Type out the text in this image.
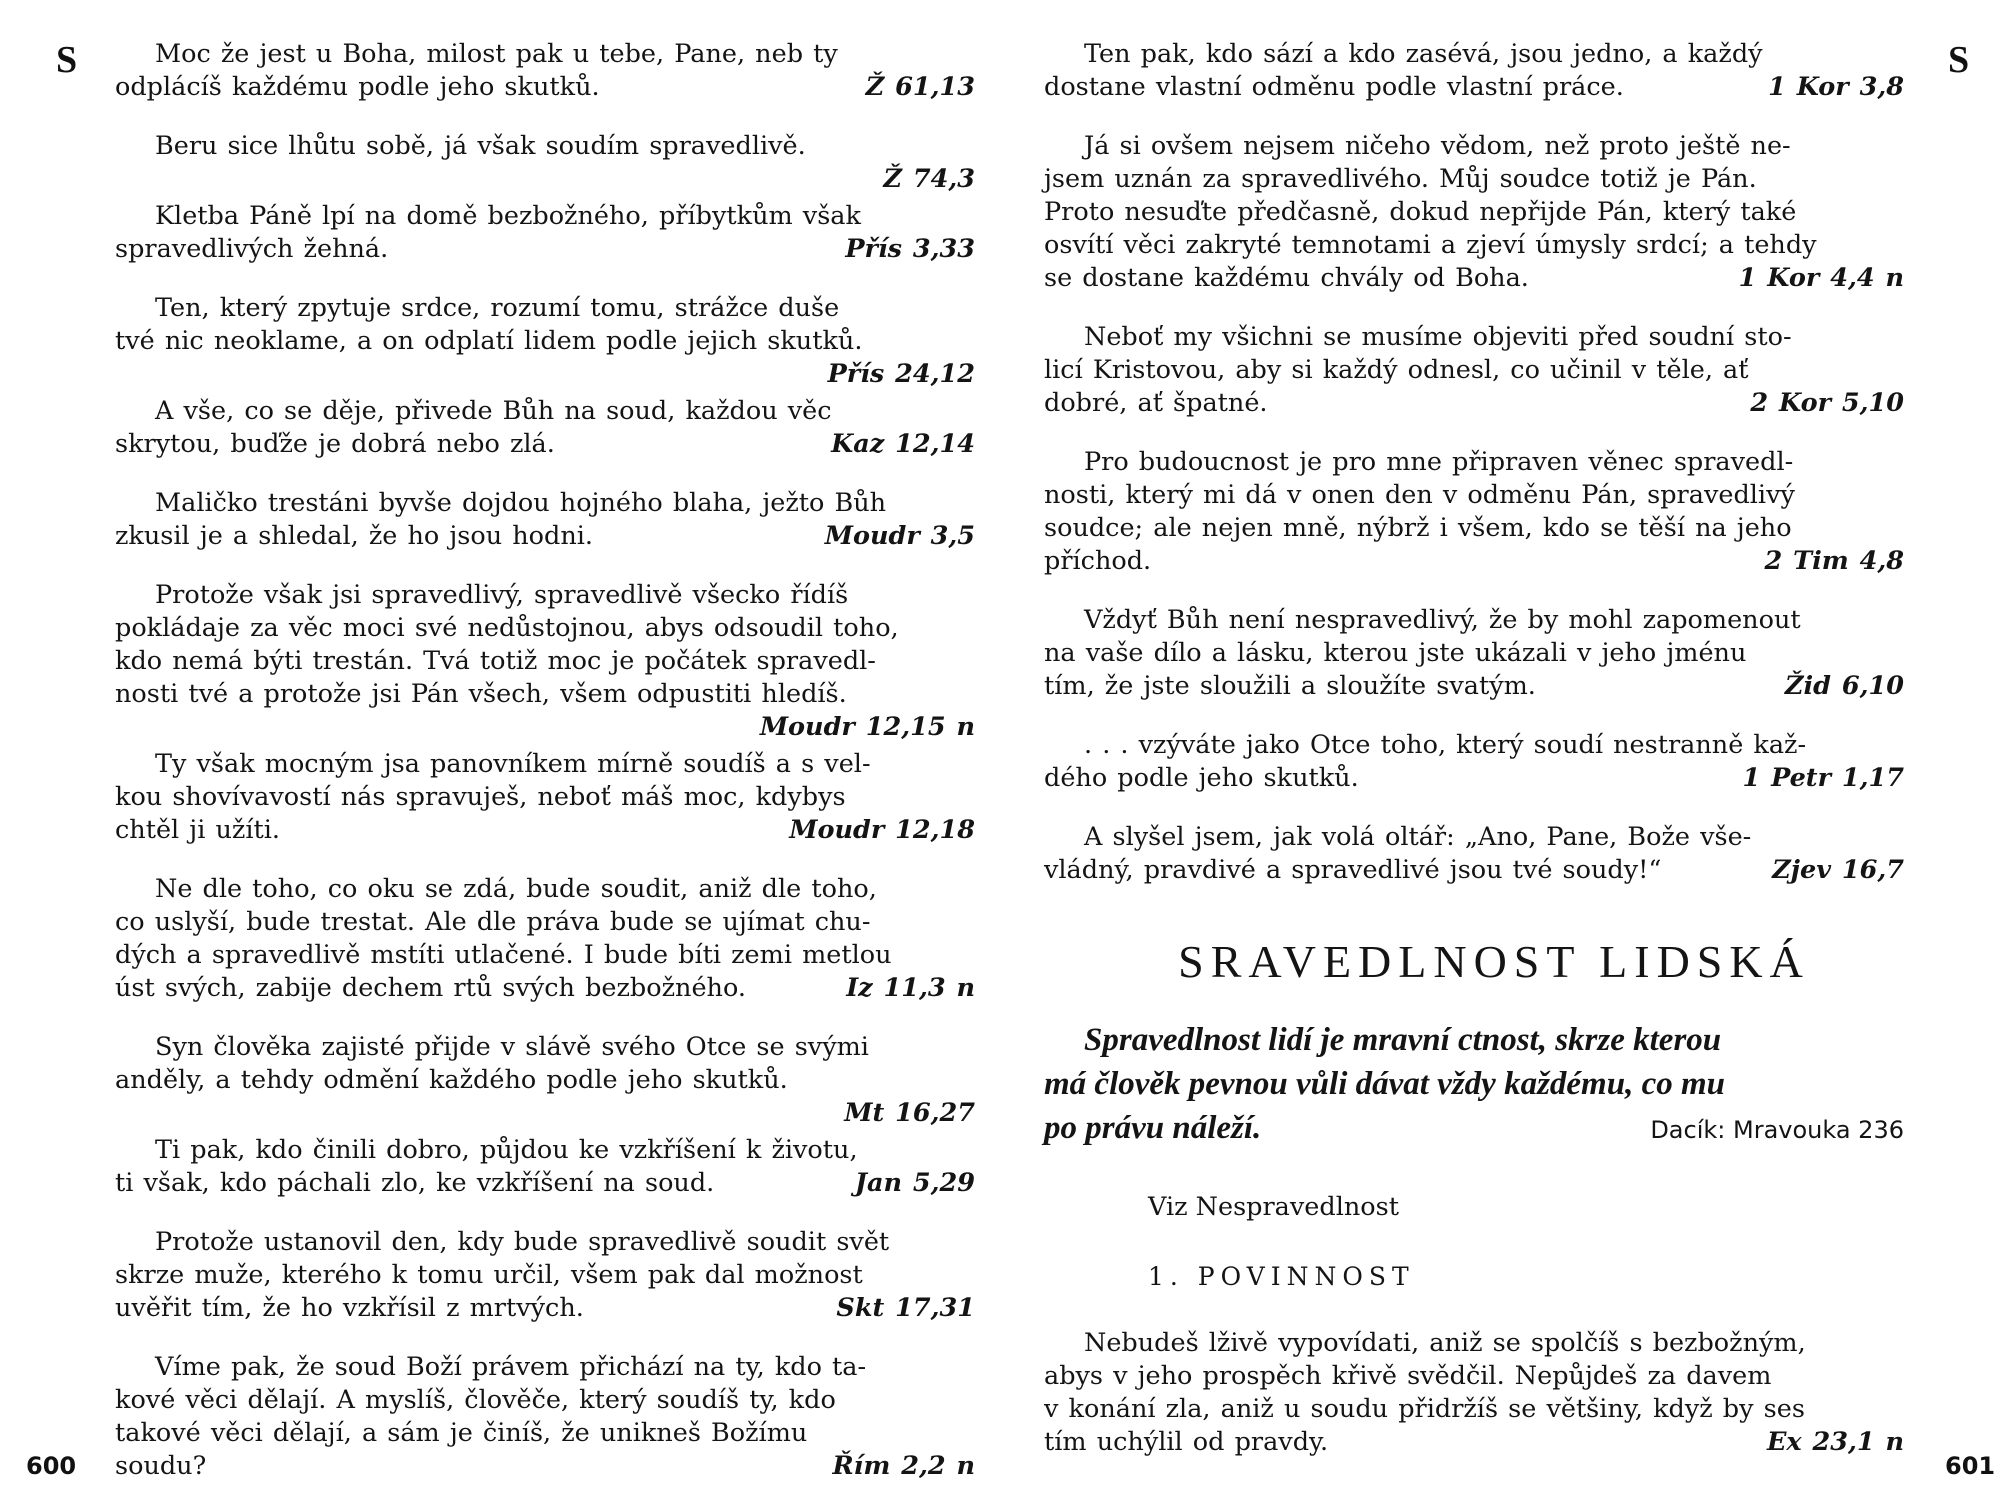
S	S
Moc že jest u Boha, milost pak u tebe, Pane, neb ty
odplácíš každému podle jeho skutků.	Ž 61,13
Beru sice lhůtu sobě, já však soudím spravedlivě.
Ž 74,3
Kletba Páně lpí na domě bezbožného, příbytkům však
spravedlivých žehná.	Přís 3,33
Ten, který zpytuje srdce, rozumí tomu, strážce duše
tvé nic neoklame, a on odplatí lidem podle jejich skutků.
Přís 24,12
A vše, co se děje, přivede Bůh na soud, každou věc
skrytou, buďže je dobrá nebo zlá.	Kaz 12,14
Maličko trestáni byvše dojdou hojného blaha, ježto Bůh
zkusil je a shledal, že ho jsou hodni.	Moudr 3,5
Protože však jsi spravedlivý, spravedlivě všecko řídíš
pokládaje za věc moci své nedůstojnou, abys odsoudil toho,
kdo nemá býti trestán. Tvá totiž moc je počátek spravedl-
nosti tvé a protože jsi Pán všech, všem odpustiti hledíš.
Moudr 12,15 n
Ty však mocným jsa panovníkem mírně soudíš a s vel-
kou shovívavostí nás spravuješ, neboť máš moc, kdybys
chtěl ji užíti.	Moudr 12,18
Ne dle toho, co oku se zdá, bude soudit, aniž dle toho,
co uslyší, bude trestat. Ale dle práva bude se ujímat chu-
dých a spravedlivě mstíti utlačené. I bude bíti zemi metlou
úst svých, zabije dechem rtů svých bezbožného.	Iz 11,3 n
Syn člověka zajisté přijde v slávě svého Otce se svými
anděly, a tehdy odmění každého podle jeho skutků.
Mt 16,27
Ti pak, kdo činili dobro, půjdou ke vzkříšení k životu,
ti však, kdo páchali zlo, ke vzkříšení na soud.	Jan 5,29
Protože ustanovil den, kdy bude spravedlivě soudit svět
skrze muže, kterého k tomu určil, všem pak dal možnost
uvěřit tím, že ho vzkřísil z mrtvých.	Skt 17,31
Víme pak, že soud Boží právem přichází na ty, kdo ta-
kové věci dělají. A myslíš, člověče, který soudíš ty, kdo
takové věci dělají, a sám je činíš, že unikneš Božímu
soudu?	Řím 2,2 n
Ten pak, kdo sází a kdo zasévá, jsou jedno, a každý
dostane vlastní odměnu podle vlastní práce.	1 Kor 3,8
Já si ovšem nejsem ničeho vědom, než proto ještě ne-
jsem uznán za spravedlivého. Můj soudce totiž je Pán.
Proto nesuďte předčasně, dokud nepřijde Pán, který také
osvítí věci zakryté temnotami a zjeví úmysly srdcí; a tehdy
se dostane každému chvály od Boha.	1 Kor 4,4 n
Neboť my všichni se musíme objeviti před soudní sto-
licí Kristovou, aby si každý odnesl, co učinil v těle, ať
dobré, ať špatné.	2 Kor 5,10
Pro budoucnost je pro mne připraven věnec spravedl-
nosti, který mi dá v onen den v odměnu Pán, spravedlivý
soudce; ale nejen mně, nýbrž i všem, kdo se těší na jeho
příchod.	2 Tim 4,8
Vždyť Bůh není nespravedlivý, že by mohl zapomenout
na vaše dílo a lásku, kterou jste ukázali v jeho jménu
tím, že jste sloužili a sloužíte svatým.	Žid 6,10
. . . vzýváte jako Otce toho, který soudí nestranně kaž-
dého podle jeho skutků.	1 Petr 1,17
A slyšel jsem, jak volá oltář: „Ano, Pane, Bože vše-
vládný, pravdivé a spravedlivé jsou tvé soudy!“	Zjev 16,7
SRAVEDLNOST LIDSKÁ
Spravedlnost lidí je mravní ctnost, skrze kterou
má člověk pevnou vůli dávat vždy každému, co mu
po právu náleží.	Dacík: Mravouka 236
Viz Nespravedlnost
1. POVINNOST
Nebudeš lživě vypovídati, aniž se spolčíš s bezbožným,
abys v jeho prospěch křivě svědčil. Nepůjdeš za davem
v konání zla, aniž u soudu přidržíš se většiny, když by ses
tím uchýlil od pravdy.	Ex 23,1 n
600	601
